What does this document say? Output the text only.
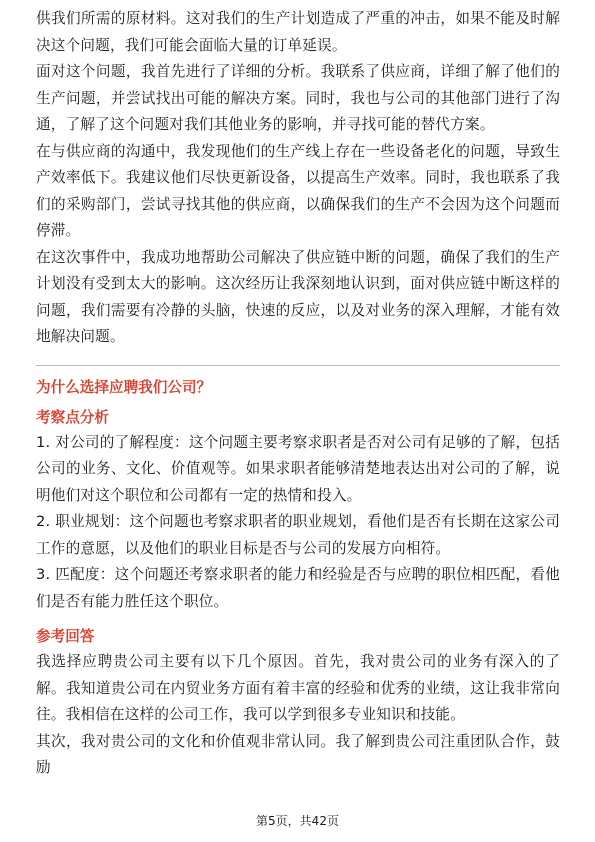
供我们所需的原材料。这对我们的生产计划造成了严重的冲击，如果不能及时解决这个问题，我们可能会面临大量的订单延误。

面对这个问题，我首先进行了详细的分析。我联系了供应商，详细了解了他们的生产问题，并尝试找出可能的解决方案。同时，我也与公司的其他部门进行了沟通，了解了这个问题对我们其他业务的影响，并寻找可能的替代方案。

在与供应商的沟通中，我发现他们的生产线上存在一些设备老化的问题，导致生产效率低下。我建议他们尽快更新设备，以提高生产效率。同时，我也联系了我们的采购部门，尝试寻找其他的供应商，以确保我们的生产不会因为这个问题而停滞。

在这次事件中，我成功地帮助公司解决了供应链中断的问题，确保了我们的生产计划没有受到太大的影响。这次经历让我深刻地认识到，面对供应链中断这样的问题，我们需要有冷静的头脑，快速的反应，以及对业务的深入理解，才能有效地解决问题。

为什么选择应聘我们公司？

考察点分析

1. 对公司的了解程度：这个问题主要考察求职者是否对公司有足够的了解，包括公司的业务、文化、价值观等。如果求职者能够清楚地表达出对公司的了解，说明他们对这个职位和公司都有一定的热情和投入。

2. 职业规划：这个问题也考察求职者的职业规划，看他们是否有长期在这家公司工作的意愿，以及他们的职业目标是否与公司的发展方向相符。

3. 匹配度：这个问题还考察求职者的能力和经验是否与应聘的职位相匹配，看他们是否有能力胜任这个职位。

参考回答

我选择应聘贵公司主要有以下几个原因。首先，我对贵公司的业务有深入的了解。我知道贵公司在内贸业务方面有着丰富的经验和优秀的业绩，这让我非常向往。我相信在这样的公司工作，我可以学到很多专业知识和技能。

其次，我对贵公司的文化和价值观非常认同。我了解到贵公司注重团队合作，鼓励

第5页，共42页
